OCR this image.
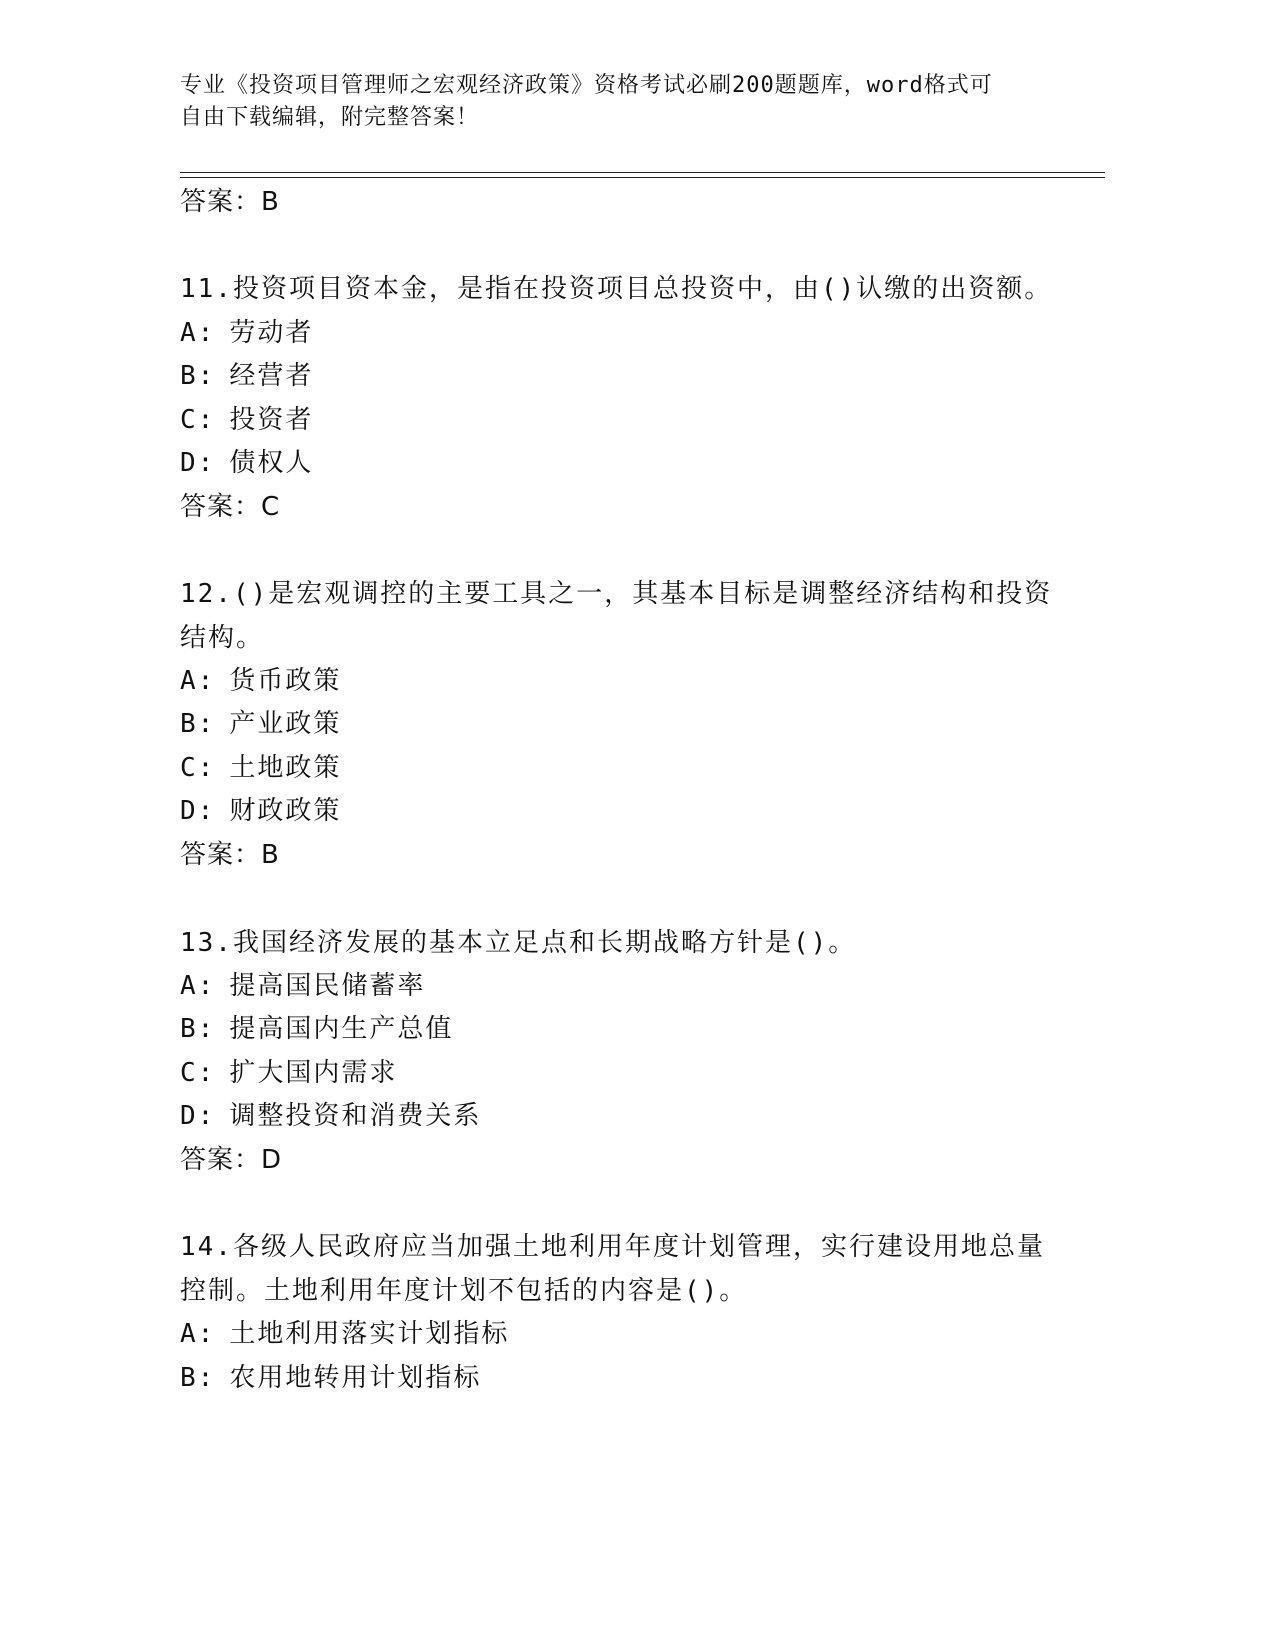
专业《投资项目管理师之宏观经济政策》资格考试必刷200题题库，word格式可
自由下载编辑，附完整答案！
答案：B
11.投资项目资本金，是指在投资项目总投资中，由()认缴的出资额。
A: 劳动者
B: 经营者
C: 投资者
D: 债权人
答案：C
12.()是宏观调控的主要工具之一，其基本目标是调整经济结构和投资
结构。
A: 货币政策
B: 产业政策
C: 土地政策
D: 财政政策
答案：B
13.我国经济发展的基本立足点和长期战略方针是()。
A: 提高国民储蓄率
B: 提高国内生产总值
C: 扩大国内需求
D: 调整投资和消费关系
答案：D
14.各级人民政府应当加强土地利用年度计划管理，实行建设用地总量
控制。土地利用年度计划不包括的内容是()。
A: 土地利用落实计划指标
B: 农用地转用计划指标
